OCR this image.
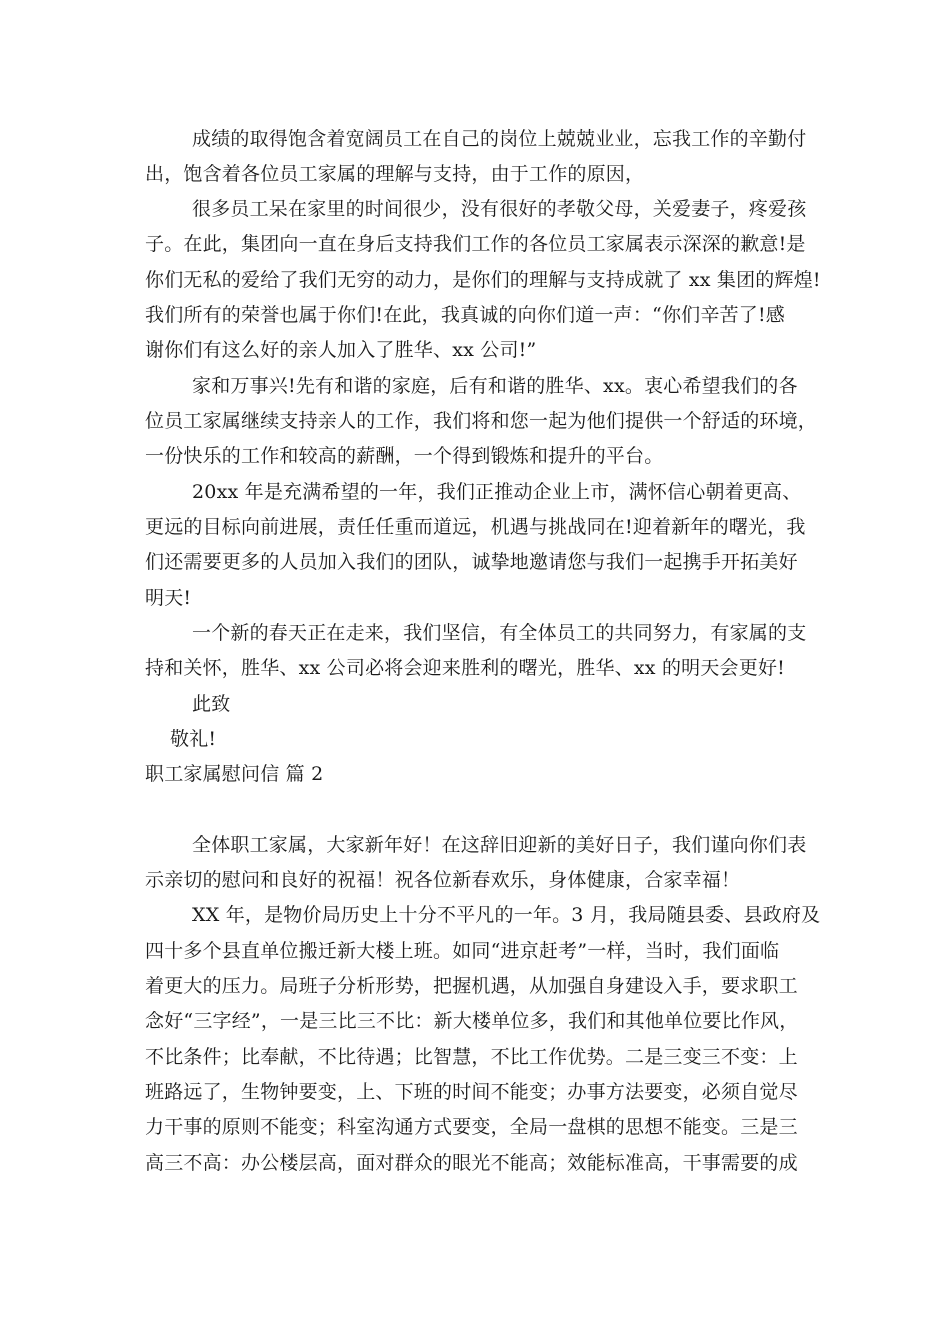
成绩的取得饱含着宽阔员工在自己的岗位上兢兢业业，忘我工作的辛勤付
出，饱含着各位员工家属的理解与支持，由于工作的原因，
很多员工呆在家里的时间很少，没有很好的孝敬父母，关爱妻子，疼爱孩
子。在此，集团向一直在身后支持我们工作的各位员工家属表示深深的歉意!是
你们无私的爱给了我们无穷的动力，是你们的理解与支持成就了 xx 集团的辉煌!
我们所有的荣誉也属于你们!在此，我真诚的向你们道一声：“你们辛苦了!感
谢你们有这么好的亲人加入了胜华、xx 公司!”
家和万事兴!先有和谐的家庭，后有和谐的胜华、xx。衷心希望我们的各
位员工家属继续支持亲人的工作，我们将和您一起为他们提供一个舒适的环境，
一份快乐的工作和较高的薪酬，一个得到锻炼和提升的平台。
20xx 年是充满希望的一年，我们正推动企业上市，满怀信心朝着更高、
更远的目标向前进展，责任任重而道远，机遇与挑战同在!迎着新年的曙光，我
们还需要更多的人员加入我们的团队，诚挚地邀请您与我们一起携手开拓美好
明天!
一个新的春天正在走来，我们坚信，有全体员工的共同努力，有家属的支
持和关怀，胜华、xx 公司必将会迎来胜利的曙光，胜华、xx 的明天会更好!
此致
敬礼!
职工家属慰问信 篇 2
全体职工家属，大家新年好！在这辞旧迎新的美好日子，我们谨向你们表
示亲切的慰问和良好的祝福！祝各位新春欢乐，身体健康，合家幸福！
XX 年，是物价局历史上十分不平凡的一年。3 月，我局随县委、县政府及
四十多个县直单位搬迁新大楼上班。如同“进京赶考”一样，当时，我们面临
着更大的压力。局班子分析形势，把握机遇，从加强自身建设入手，要求职工
念好“三字经”，一是三比三不比：新大楼单位多，我们和其他单位要比作风，
不比条件；比奉献，不比待遇；比智慧，不比工作优势。二是三变三不变：上
班路远了，生物钟要变，上、下班的时间不能变；办事方法要变，必须自觉尽
力干事的原则不能变；科室沟通方式要变，全局一盘棋的思想不能变。三是三
高三不高：办公楼层高，面对群众的眼光不能高；效能标准高，干事需要的成
